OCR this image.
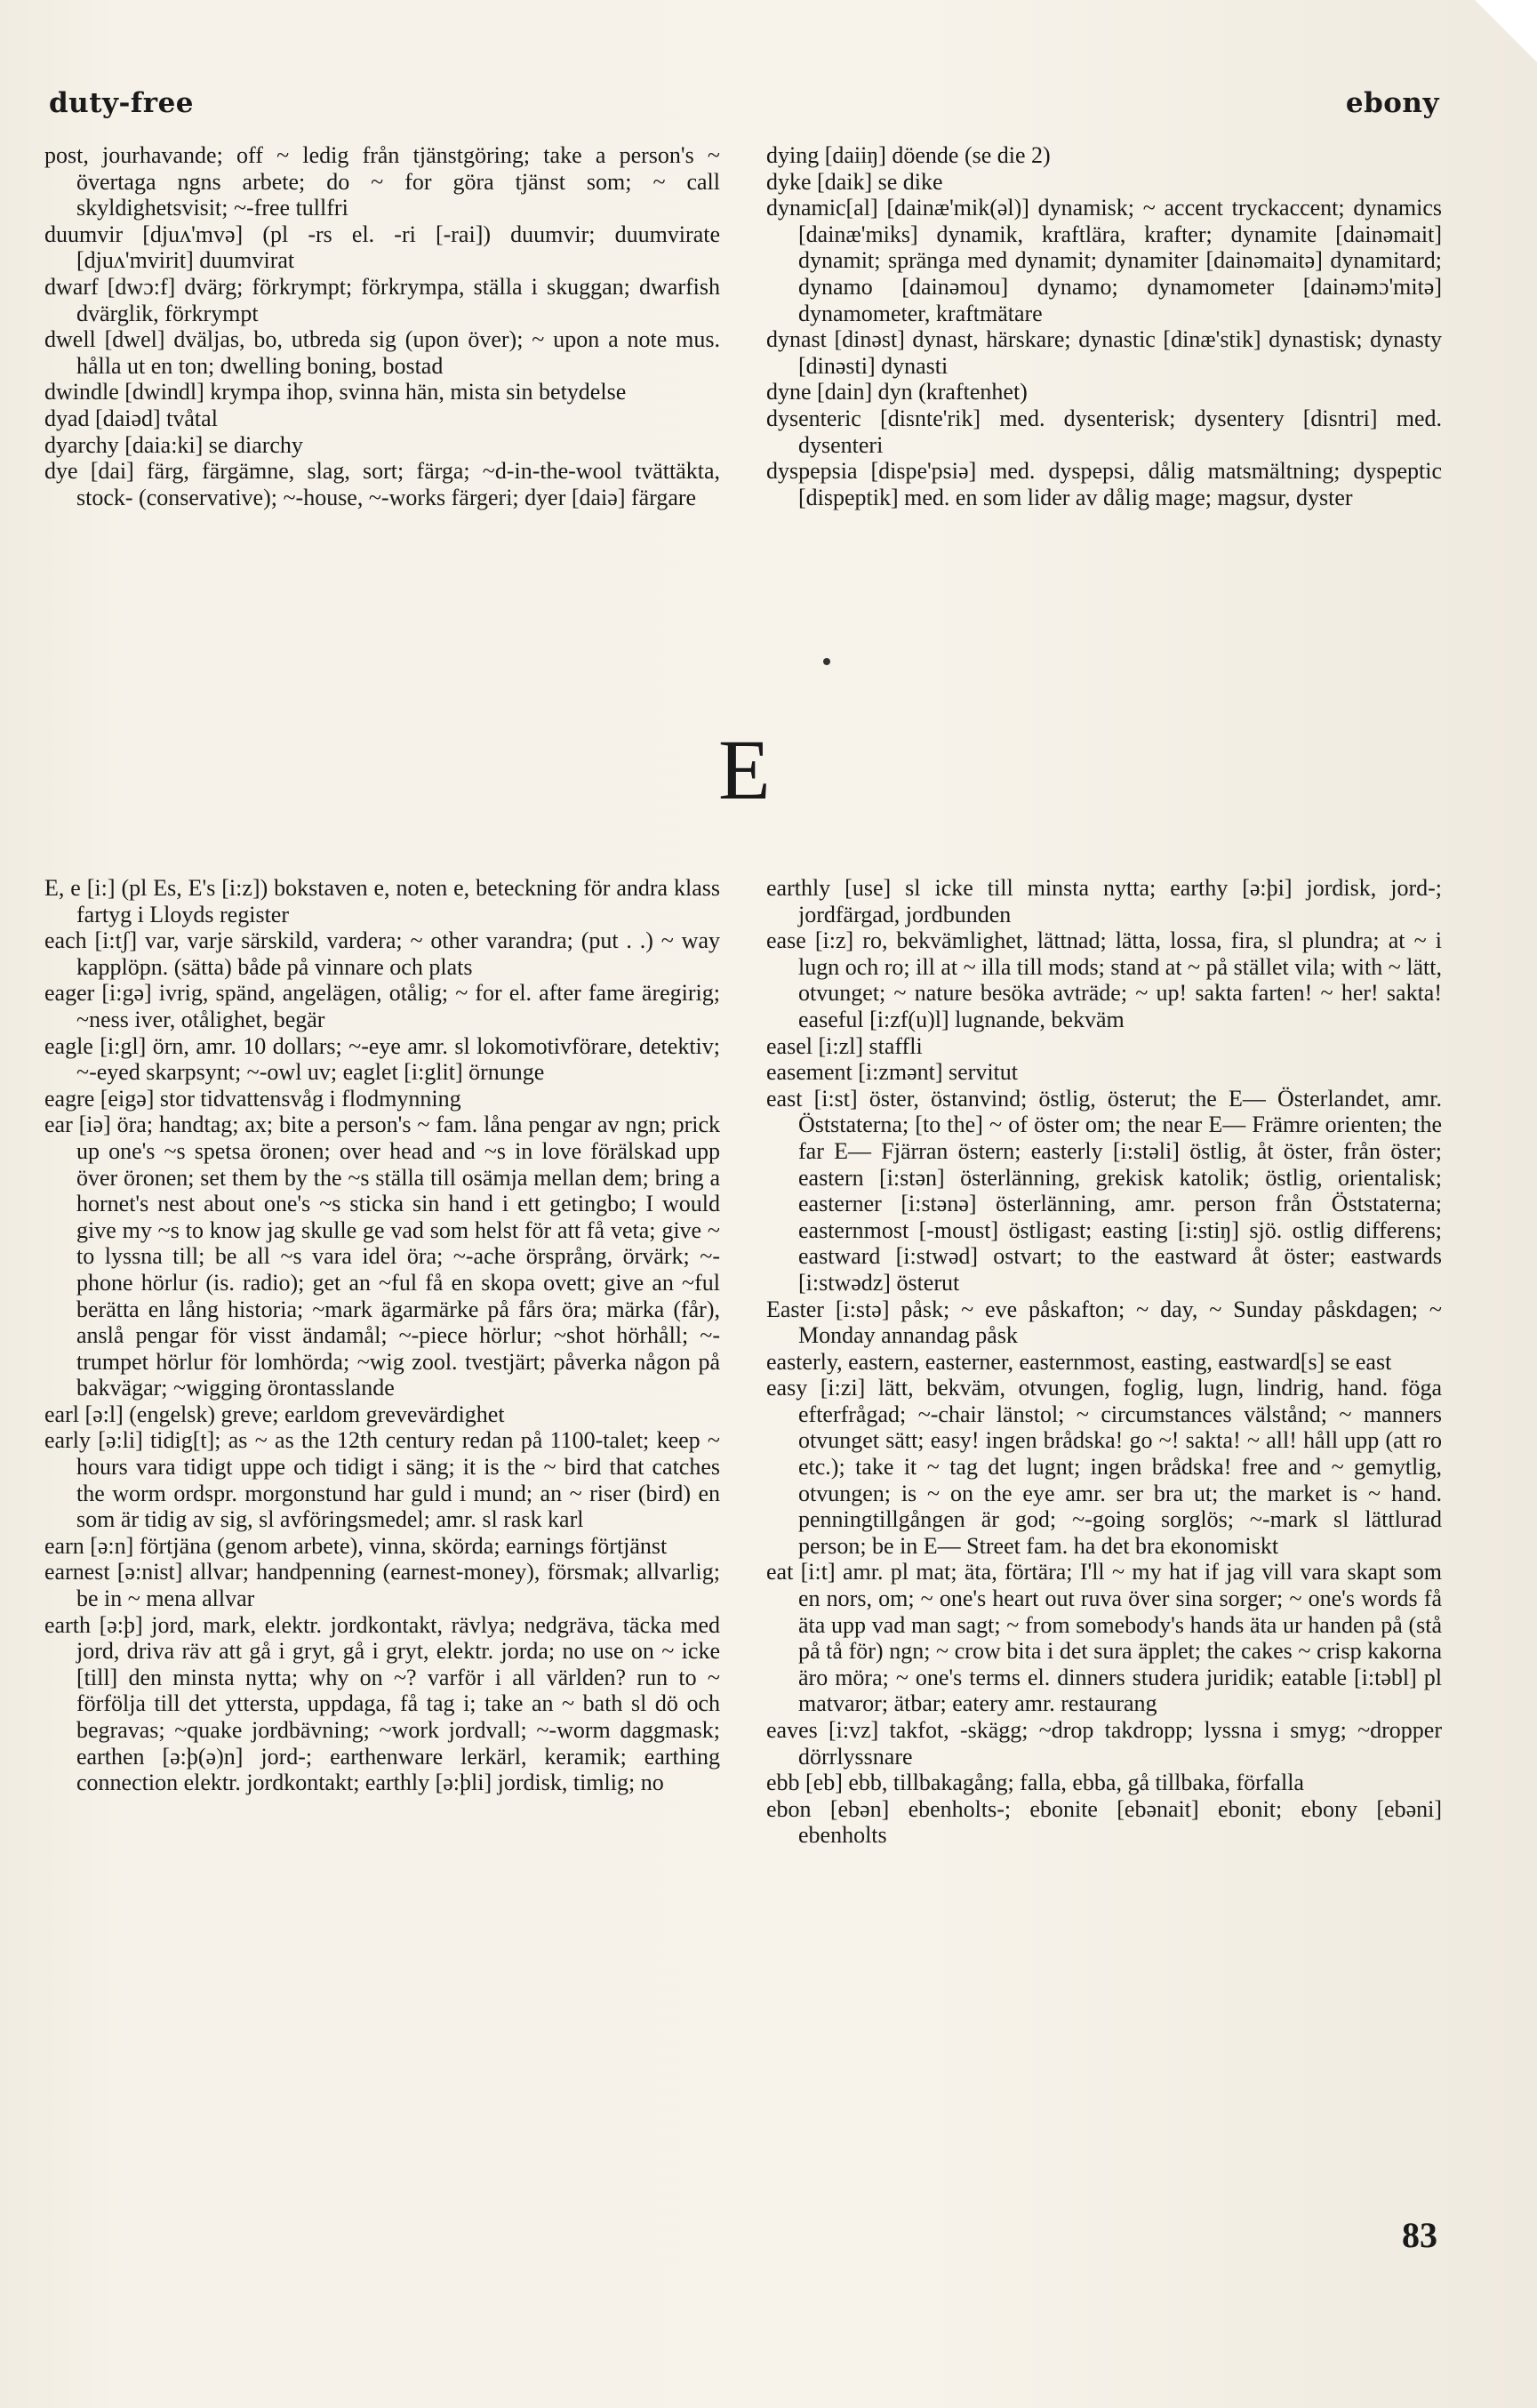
duty-free	ebony

post, jourhavande; off ~ ledig från tjänstgöring; take a person's ~ övertaga ngns arbete; do ~ for göra tjänst som; ~ call skyldighetsvisit; ~-free tullfri

duumvir [djuʌ'mvə] (pl -rs el. -ri [-rai]) duumvir; duumvirate [djuʌ'mvirit] duumvirat

dwarf [dwɔ:f] dvärg; förkrympt; förkrympa, ställa i skuggan; dwarfish dvärglik, förkrympt

dwell [dwel] dväljas, bo, utbreda sig (upon över); ~ upon a note mus. hålla ut en ton; dwelling boning, bostad

dwindle [dwindl] krympa ihop, svinna hän, mista sin betydelse

dyad [daiəd] tvåtal

dyarchy [daia:ki] se diarchy

dye [dai] färg, färgämne, slag, sort; färga; ~d-in-the-wool tvättäkta, stock- (conservative); ~-house, ~-works färgeri; dyer [daiə] färgare

dying [daiiŋ] döende (se die 2)

dyke [daik] se dike

dynamic[al] [dainæ'mik(əl)] dynamisk; ~ accent tryckaccent; dynamics [dainæ'miks] dynamik, kraftlära, krafter; dynamite [dainəmait] dynamit; spränga med dynamit; dynamiter [dainəmaitə] dynamitard; dynamo [dainəmou] dynamo; dynamometer [dainəmɔ'mitə] dynamometer, kraftmätare

dynast [dinəst] dynast, härskare; dynastic [dinæ'stik] dynastisk; dynasty [dinəsti] dynasti

dyne [dain] dyn (kraftenhet)

dysenteric [disnte'rik] med. dysenterisk; dysentery [disntri] med. dysenteri

dyspepsia [dispe'psiə] med. dyspepsi, dålig matsmältning; dyspeptic [dispeptik] med. en som lider av dålig mage; magsur, dyster

E

E, e [i:] (pl Es, E's [i:z]) bokstaven e, noten e, beteckning för andra klass fartyg i Lloyds register

each [i:tʃ] var, varje särskild, vardera; ~ other varandra; (put . .) ~ way kapplöpn. (sätta) både på vinnare och plats

eager [i:gə] ivrig, spänd, angelägen, otålig; ~ for el. after fame äregirig; ~ness iver, otålighet, begär

eagle [i:gl] örn, amr. 10 dollars; ~-eye amr. sl lokomotivförare, detektiv; ~-eyed skarpsynt; ~-owl uv; eaglet [i:glit] örnunge

eagre [eigə] stor tidvattensvåg i flodmynning

ear [iə] öra; handtag; ax; bite a person's ~ fam. låna pengar av ngn; prick up one's ~s spetsa öronen; over head and ~s in love förälskad upp över öronen; set them by the ~s ställa till osämja mellan dem; bring a hornet's nest about one's ~s sticka sin hand i ett getingbo; I would give my ~s to know jag skulle ge vad som helst för att få veta; give ~ to lyssna till; be all ~s vara idel öra; ~-ache örsprång, örvärk; ~-phone hörlur (is. radio); get an ~ful få en skopa ovett; give an ~ful berätta en lång historia; ~mark ägarmärke på fårs öra; märka (får), anslå pengar för visst ändamål; ~-piece hörlur; ~shot hörhåll; ~-trumpet hörlur för lomhörda; ~wig zool. tvestjärt; påverka någon på bakvägar; ~wigging örontasslande

earl [ə:l] (engelsk) greve; earldom grevevärdighet

early [ə:li] tidig[t]; as ~ as the 12th century redan på 1100-talet; keep ~ hours vara tidigt uppe och tidigt i säng; it is the ~ bird that catches the worm ordspr. morgonstund har guld i mund; an ~ riser (bird) en som är tidig av sig, sl avföringsmedel; amr. sl rask karl

earn [ə:n] förtjäna (genom arbete), vinna, skörda; earnings förtjänst

earnest [ə:nist] allvar; handpenning (earnest-money), försmak; allvarlig; be in ~ mena allvar

earth [ə:þ] jord, mark, elektr. jordkontakt, rävlya; nedgräva, täcka med jord, driva räv att gå i gryt, gå i gryt, elektr. jorda; no use on ~ icke [till] den minsta nytta; why on ~? varför i all världen? run to ~ förfölja till det yttersta, uppdaga, få tag i; take an ~ bath sl dö och begravas; ~quake jordbävning; ~work jordvall; ~-worm daggmask; earthen [ə:þ(ə)n] jord-; earthenware lerkärl, keramik; earthing connection elektr. jordkontakt; earthly [ə:þli] jordisk, timlig; no

earthly [use] sl icke till minsta nytta; earthy [ə:þi] jordisk, jord-; jordfärgad, jordbunden

ease [i:z] ro, bekvämlighet, lättnad; lätta, lossa, fira, sl plundra; at ~ i lugn och ro; ill at ~ illa till mods; stand at ~ på stället vila; with ~ lätt, otvunget; ~ nature besöka avträde; ~ up! sakta farten! ~ her! sakta! easeful [i:zf(u)l] lugnande, bekväm

easel [i:zl] staffli

easement [i:zmənt] servitut

east [i:st] öster, östanvind; östlig, österut; the E— Österlandet, amr. Öststaterna; [to the] ~ of öster om; the near E— Främre orienten; the far E— Fjärran östern; easterly [i:stəli] östlig, åt öster, från öster; eastern [i:stən] österlänning, grekisk katolik; östlig, orientalisk; easterner [i:stənə] österlänning, amr. person från Öststaterna; easternmost [-moust] östligast; easting [i:stiŋ] sjö. ostlig differens; eastward [i:stwəd] ostvart; to the eastward åt öster; eastwards [i:stwədz] österut

Easter [i:stə] påsk; ~ eve påskafton; ~ day, ~ Sunday påskdagen; ~ Monday annandag påsk

easterly, eastern, easterner, easternmost, easting, eastward[s] se east

easy [i:zi] lätt, bekväm, otvungen, foglig, lugn, lindrig, hand. föga efterfrågad; ~-chair länstol; ~ circumstances välstånd; ~ manners otvunget sätt; easy! ingen brådska! go ~! sakta! ~ all! håll upp (att ro etc.); take it ~ tag det lugnt; ingen brådska! free and ~ gemytlig, otvungen; is ~ on the eye amr. ser bra ut; the market is ~ hand. penningtillgången är god; ~-going sorglös; ~-mark sl lättlurad person; be in E— Street fam. ha det bra ekonomiskt

eat [i:t] amr. pl mat; äta, förtära; I'll ~ my hat if jag vill vara skapt som en nors, om; ~ one's heart out ruva över sina sorger; ~ one's words få äta upp vad man sagt; ~ from somebody's hands äta ur handen på (stå på tå för) ngn; ~ crow bita i det sura äpplet; the cakes ~ crisp kakorna äro möra; ~ one's terms el. dinners studera juridik; eatable [i:təbl] pl matvaror; ätbar; eatery amr. restaurang

eaves [i:vz] takfot, -skägg; ~drop takdropp; lyssna i smyg; ~dropper dörrlyssnare

ebb [eb] ebb, tillbakagång; falla, ebba, gå tillbaka, förfalla

ebon [ebən] ebenholts-; ebonite [ebənait] ebonit; ebony [ebəni] ebenholts

83
